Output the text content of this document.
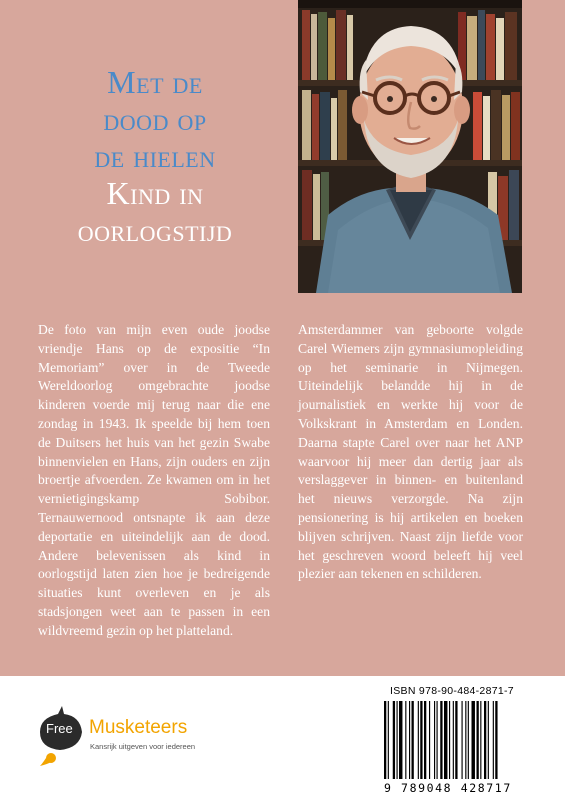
Met de
dood op
de hielen
Kind in
oorlogstijd
De foto van mijn even oude joodse vriendje Hans op de expositie “In Memoriam” over in de Tweede Wereldoorlog omgebrachte joodse kinderen voerde mij terug naar die ene zondag in 1943. Ik speelde bij hem toen de Duitsers het huis van het gezin Swabe binnenvielen en Hans, zijn ouders en zijn broertje afvoerden. Ze kwamen om in het vernietigingskamp Sobibor. Ternauwernood ontsnapte ik aan deze deportatie en uiteindelijk aan de dood. Andere belevenissen als kind in oorlogstijd laten zien hoe je bedreigende situaties kunt overleven en je als stadsjongen weet aan te passen in een wildvreemd gezin op het platteland.
Amsterdammer van geboorte volgde Carel Wiemers zijn gymnasiumopleiding op het seminarie in Nijmegen. Uiteindelijk belandde hij in de journalistiek en werkte hij voor de Volkskrant in Amsterdam en Londen. Daarna stapte Carel over naar het ANP waarvoor hij meer dan dertig jaar als verslaggever in binnen- en buitenland het nieuws verzorgde. Na zijn pensionering is hij artikelen en boeken blijven schrijven. Naast zijn liefde voor het geschreven woord beleeft hij veel plezier aan tekenen en schilderen.
Free Musketeers
Kansrijk uitgeven voor iedereen
ISBN 978-90-484-2871-7
9 789048 428717
